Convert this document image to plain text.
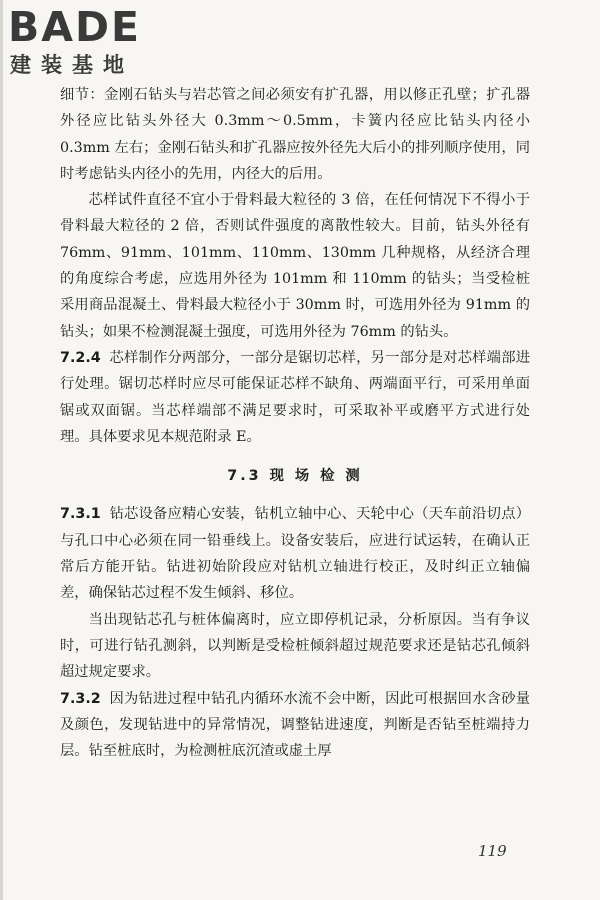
BADE
建装基地

细节：金刚石钻头与岩芯管之间必须安有扩孔器，用以修正孔壁；扩孔器外径应比钻头外径大 0.3mm～0.5mm，卡簧内径应比钻头内径小 0.3mm 左右；金刚石钻头和扩孔器应按外径先大后小的排列顺序使用，同时考虑钻头内径小的先用，内径大的后用。

芯样试件直径不宜小于骨料最大粒径的 3 倍，在任何情况下不得小于骨料最大粒径的 2 倍，否则试件强度的离散性较大。目前，钻头外径有 76mm、91mm、101mm、110mm、130mm 几种规格，从经济合理的角度综合考虑，应选用外径为 101mm 和 110mm 的钻头；当受检桩采用商品混凝土、骨料最大粒径小于 30mm 时，可选用外径为 91mm 的钻头；如果不检测混凝土强度，可选用外径为 76mm 的钻头。

7.2.4 芯样制作分两部分，一部分是锯切芯样，另一部分是对芯样端部进行处理。锯切芯样时应尽可能保证芯样不缺角、两端面平行，可采用单面锯或双面锯。当芯样端部不满足要求时，可采取补平或磨平方式进行处理。具体要求见本规范附录 E。

7.3 现 场 检 测

7.3.1 钻芯设备应精心安装，钻机立轴中心、天轮中心（天车前沿切点）与孔口中心必须在同一铅垂线上。设备安装后，应进行试运转，在确认正常后方能开钻。钻进初始阶段应对钻机立轴进行校正，及时纠正立轴偏差，确保钻芯过程不发生倾斜、移位。

当出现钻芯孔与桩体偏离时，应立即停机记录，分析原因。当有争议时，可进行钻孔测斜，以判断是受检桩倾斜超过规范要求还是钻芯孔倾斜超过规定要求。

7.3.2 因为钻进过程中钻孔内循环水流不会中断，因此可根据回水含砂量及颜色，发现钻进中的异常情况，调整钻进速度，判断是否钻至桩端持力层。钻至桩底时，为检测桩底沉渣或虚土厚

119
